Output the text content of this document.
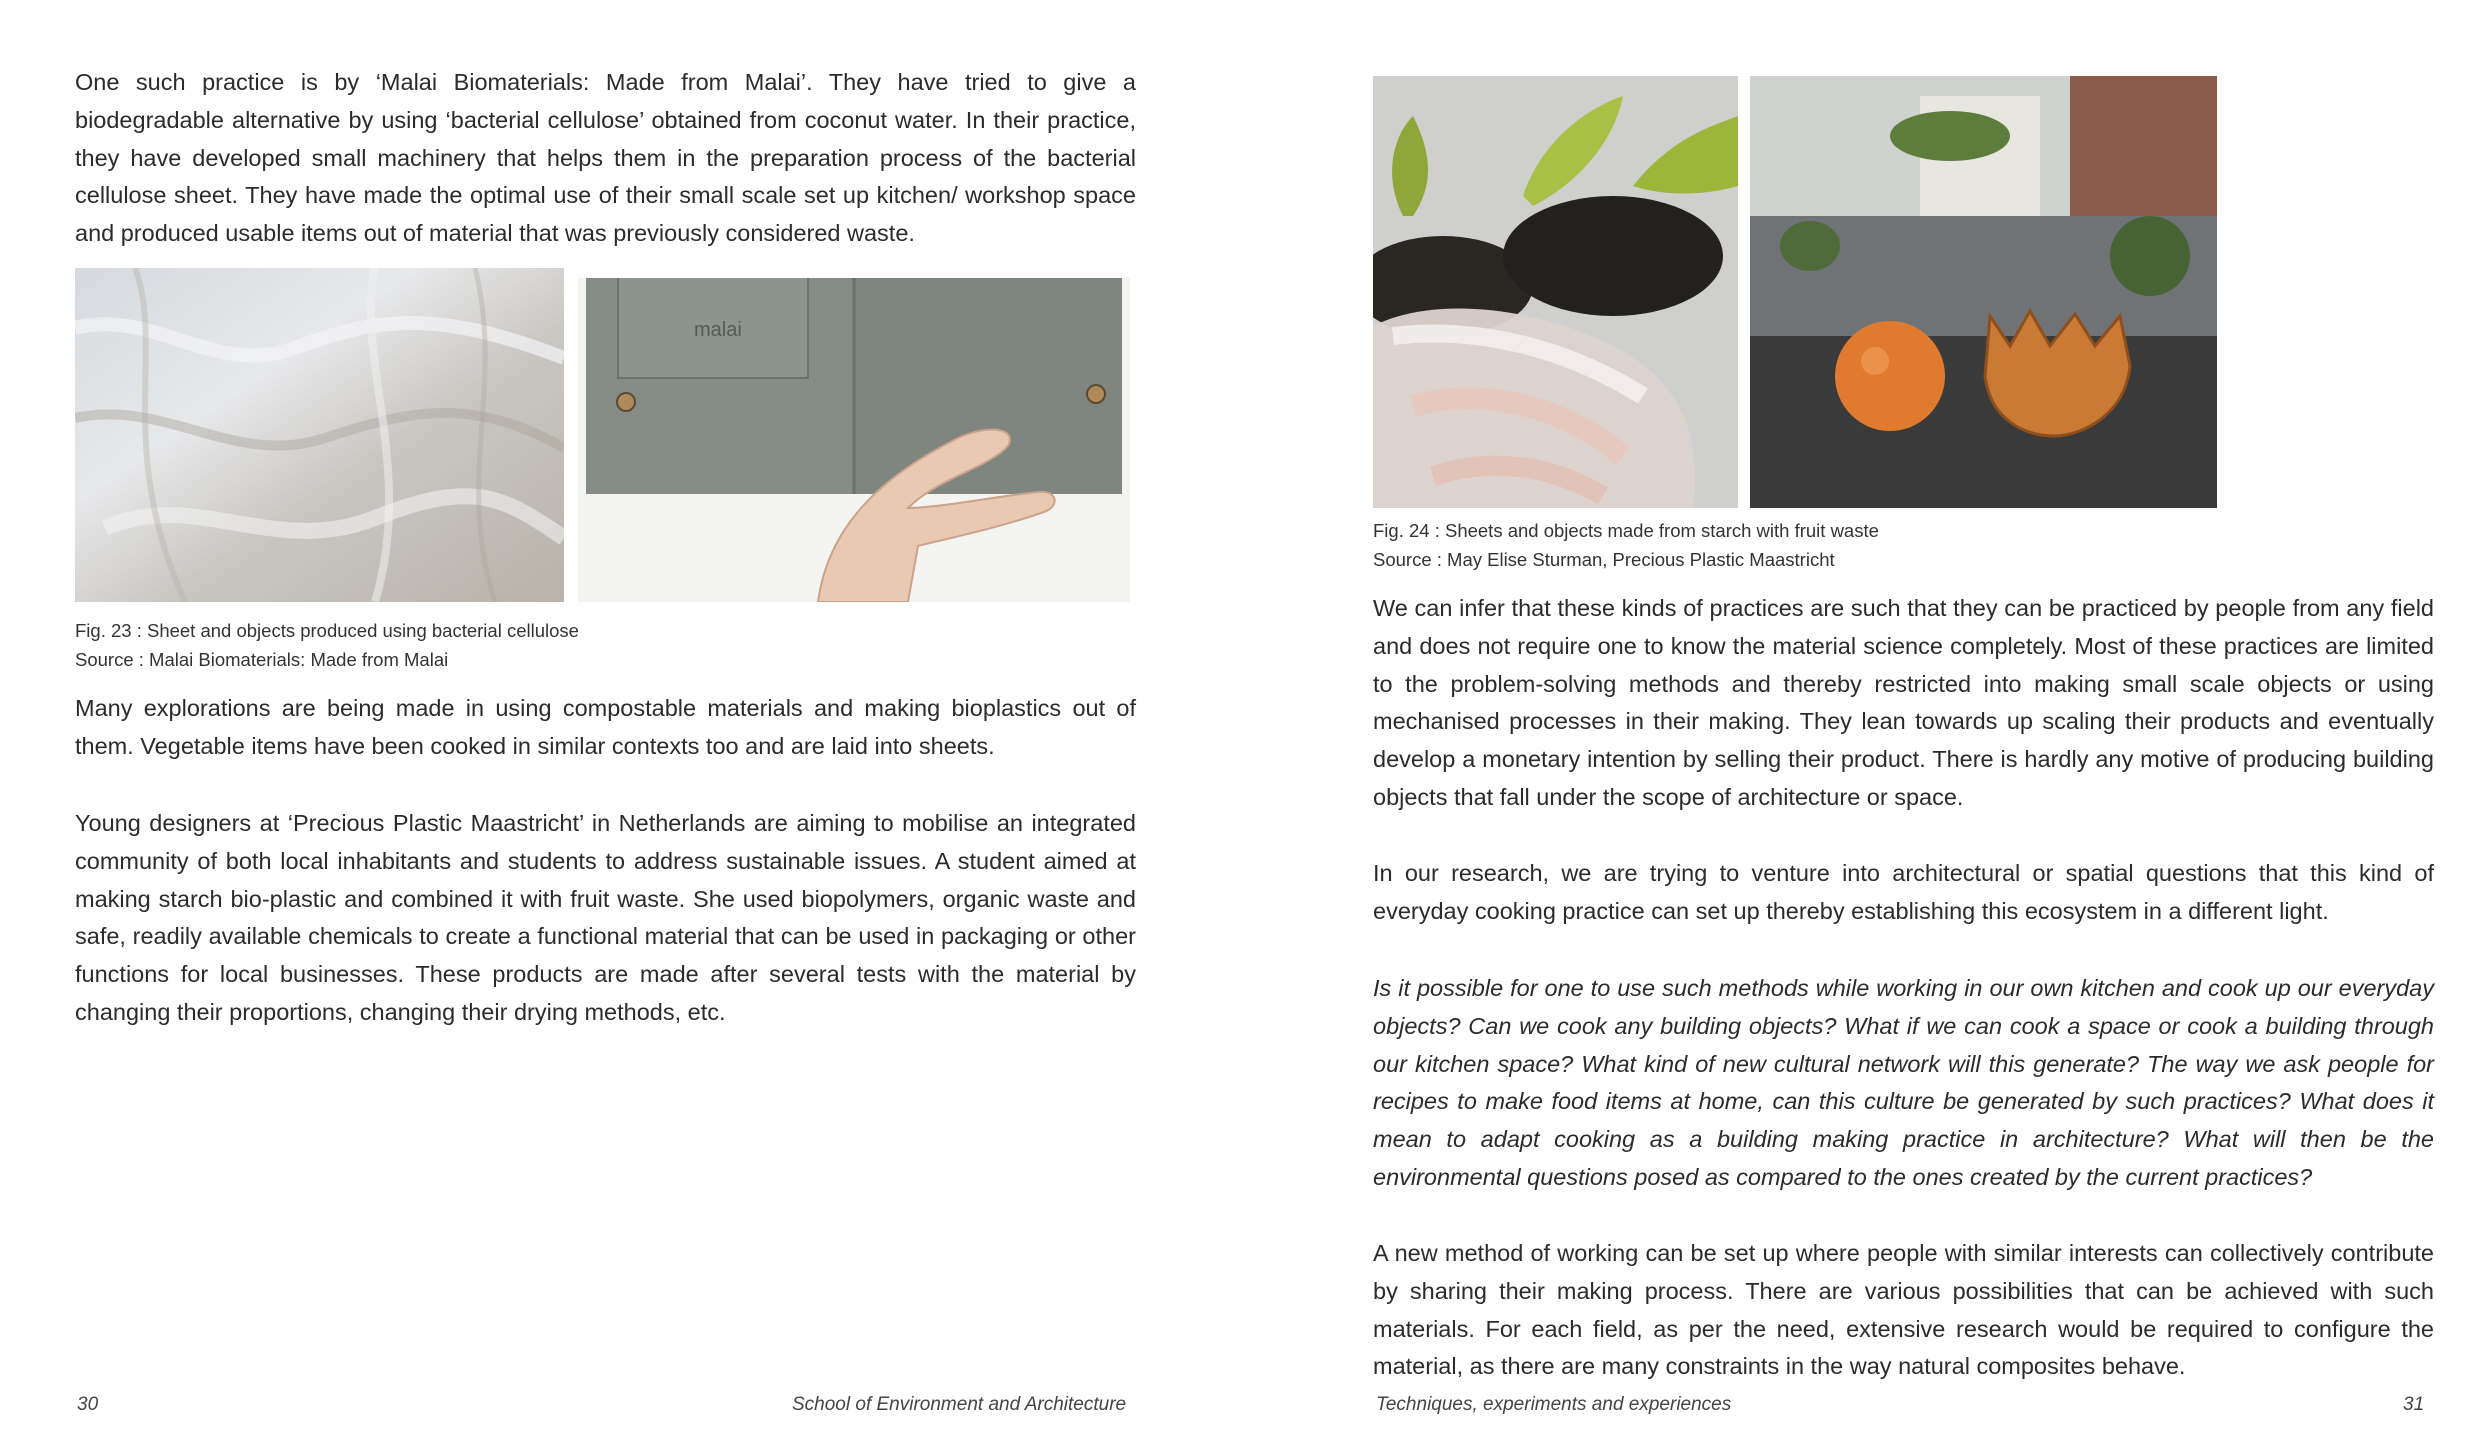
One such practice is by ‘Malai Biomaterials: Made from Malai’. They have tried to give a biodegradable alternative by using ‘bacterial cellulose’ obtained from coconut water. In their practice, they have developed small machinery that helps them in the preparation process of the bacterial cellulose sheet. They have made the optimal use of their small scale set up kitchen/ workshop space and produced usable items out of material that was previously considered waste.

malai

Fig. 23 : Sheet and objects produced using bacterial cellulose
Source : Malai Biomaterials: Made from Malai

Many explorations are being made in using compostable materials and making bioplastics out of them. Vegetable items have been cooked in similar contexts too and are laid into sheets.

Young designers at ‘Precious Plastic Maastricht’ in Netherlands are aiming to mobilise an integrated community of both local inhabitants and students to address sustainable issues. A student aimed at making starch bio-plastic and combined it with fruit waste. She used biopolymers, organic waste and safe, readily available chemicals to create a functional material that can be used in packaging or other functions for local businesses. These products are made after several tests with the material by changing their proportions, changing their drying methods, etc.

30	School of Environment and Architecture

Fig. 24 : Sheets and objects made from starch with fruit waste
Source : May Elise Sturman, Precious Plastic Maastricht

We can infer that these kinds of practices are such that they can be practiced by people from any field and does not require one to know the material science completely. Most of these practices are limited to the problem-solving methods and thereby restricted into making small scale objects or using mechanised processes in their making. They lean towards up scaling their products and eventually develop a monetary intention by selling their product. There is hardly any motive of producing building objects that fall under the scope of architecture or space.

In our research, we are trying to venture into architectural or spatial questions that this kind of everyday cooking practice can set up thereby establishing this ecosystem in a different light.

Is it possible for one to use such methods while working in our own kitchen and cook up our everyday objects? Can we cook any building objects? What if we can cook a space or cook a building through our kitchen space? What kind of new cultural network will this generate? The way we ask people for recipes to make food items at home, can this culture be generated by such practices? What does it mean to adapt cooking as a building making practice in architecture? What will then be the environmental questions posed as compared to the ones created by the current practices?

A new method of working can be set up where people with similar interests can collectively contribute by sharing their making process. There are various possibilities that can be achieved with such materials. For each field, as per the need, extensive research would be required to configure the material, as there are many constraints in the way natural composites behave.

Techniques, experiments and experiences	31
